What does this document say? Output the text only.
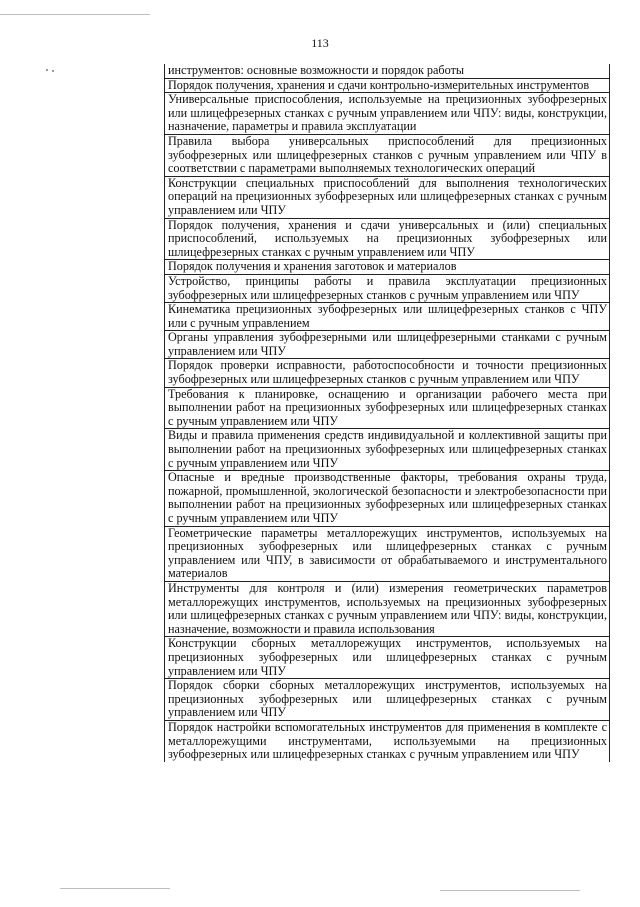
113
инструментов: основные возможности и порядок работы
Порядок получения, хранения и сдачи контрольно-измерительных инструментов
Универсальные приспособления, используемые на прецизионных зубофрезерных или шлицефрезерных станках с ручным управлением или ЧПУ: виды, конструкции, назначение, параметры и правила эксплуатации
Правила выбора универсальных приспособлений для прецизионных зубофрезерных или шлицефрезерных станков с ручным управлением или ЧПУ в соответствии с параметрами выполняемых технологических операций
Конструкции специальных приспособлений для выполнения технологических операций на прецизионных зубофрезерных или шлицефрезерных станках с ручным управлением или ЧПУ
Порядок получения, хранения и сдачи универсальных и (или) специальных приспособлений, используемых на прецизионных зубофрезерных или шлицефрезерных станках с ручным управлением или ЧПУ
Порядок получения и хранения заготовок и материалов
Устройство, принципы работы и правила эксплуатации прецизионных зубофрезерных или шлицефрезерных станков с ручным управлением или ЧПУ
Кинематика прецизионных зубофрезерных или шлицефрезерных станков с ЧПУ или с ручным управлением
Органы управления зубофрезерными или шлицефрезерными станками с ручным управлением или ЧПУ
Порядок проверки исправности, работоспособности и точности прецизионных зубофрезерных или шлицефрезерных станков с ручным управлением или ЧПУ
Требования к планировке, оснащению и организации рабочего места при выполнении работ на прецизионных зубофрезерных или шлицефрезерных станках с ручным управлением или ЧПУ
Виды и правила применения средств индивидуальной и коллективной защиты при выполнении работ на прецизионных зубофрезерных или шлицефрезерных станках с ручным управлением или ЧПУ
Опасные и вредные производственные факторы, требования охраны труда, пожарной, промышленной, экологической безопасности и электробезопасности при выполнении работ на прецизионных зубофрезерных или шлицефрезерных станках с ручным управлением или ЧПУ
Геометрические параметры металлорежущих инструментов, используемых на прецизионных зубофрезерных или шлицефрезерных станках с ручным управлением или ЧПУ, в зависимости от обрабатываемого и инструментального материалов
Инструменты для контроля и (или) измерения геометрических параметров металлорежущих инструментов, используемых на прецизионных зубофрезерных или шлицефрезерных станках с ручным управлением или ЧПУ: виды, конструкции, назначение, возможности и правила использования
Конструкции сборных металлорежущих инструментов, используемых на прецизионных зубофрезерных или шлицефрезерных станках с ручным управлением или ЧПУ
Порядок сборки сборных металлорежущих инструментов, используемых на прецизионных зубофрезерных или шлицефрезерных станках с ручным управлением или ЧПУ
Порядок настройки вспомогательных инструментов для применения в комплекте с металлорежущими инструментами, используемыми на прецизионных зубофрезерных или шлицефрезерных станках с ручным управлением или ЧПУ
